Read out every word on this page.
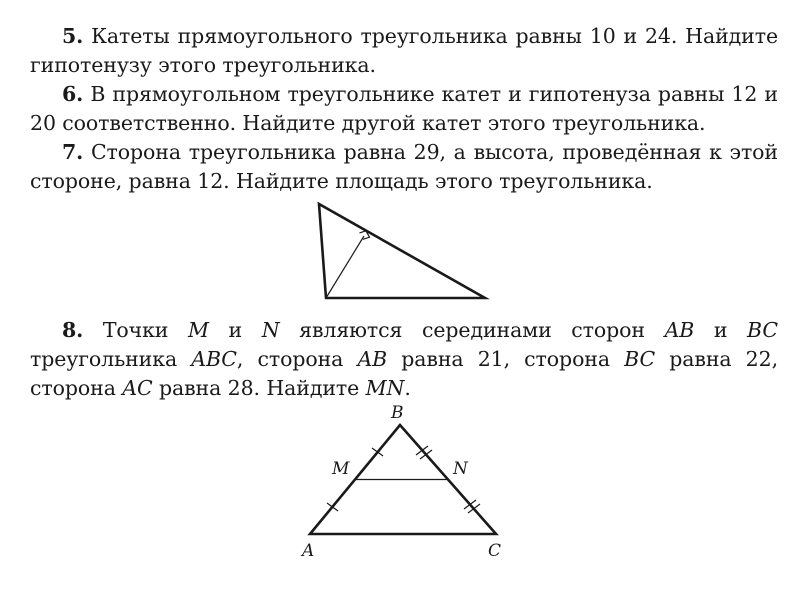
5. Катеты прямоугольного треугольника равны 10 и 24. Найдите гипотенузу этого треугольника.
6. В прямоугольном треугольнике катет и гипотенуза равны 12 и 20 соответственно. Найдите другой катет этого треугольника.
7. Сторона треугольника равна 29, а высота, проведённая к этой стороне, равна 12. Найдите площадь этого треугольника.
8. Точки M и N являются серединами сторон AB и BC треугольника ABC, сторона AB равна 21, сторона BC равна 22, сторона AC равна 28. Найдите MN.
B
A	C
M	N
